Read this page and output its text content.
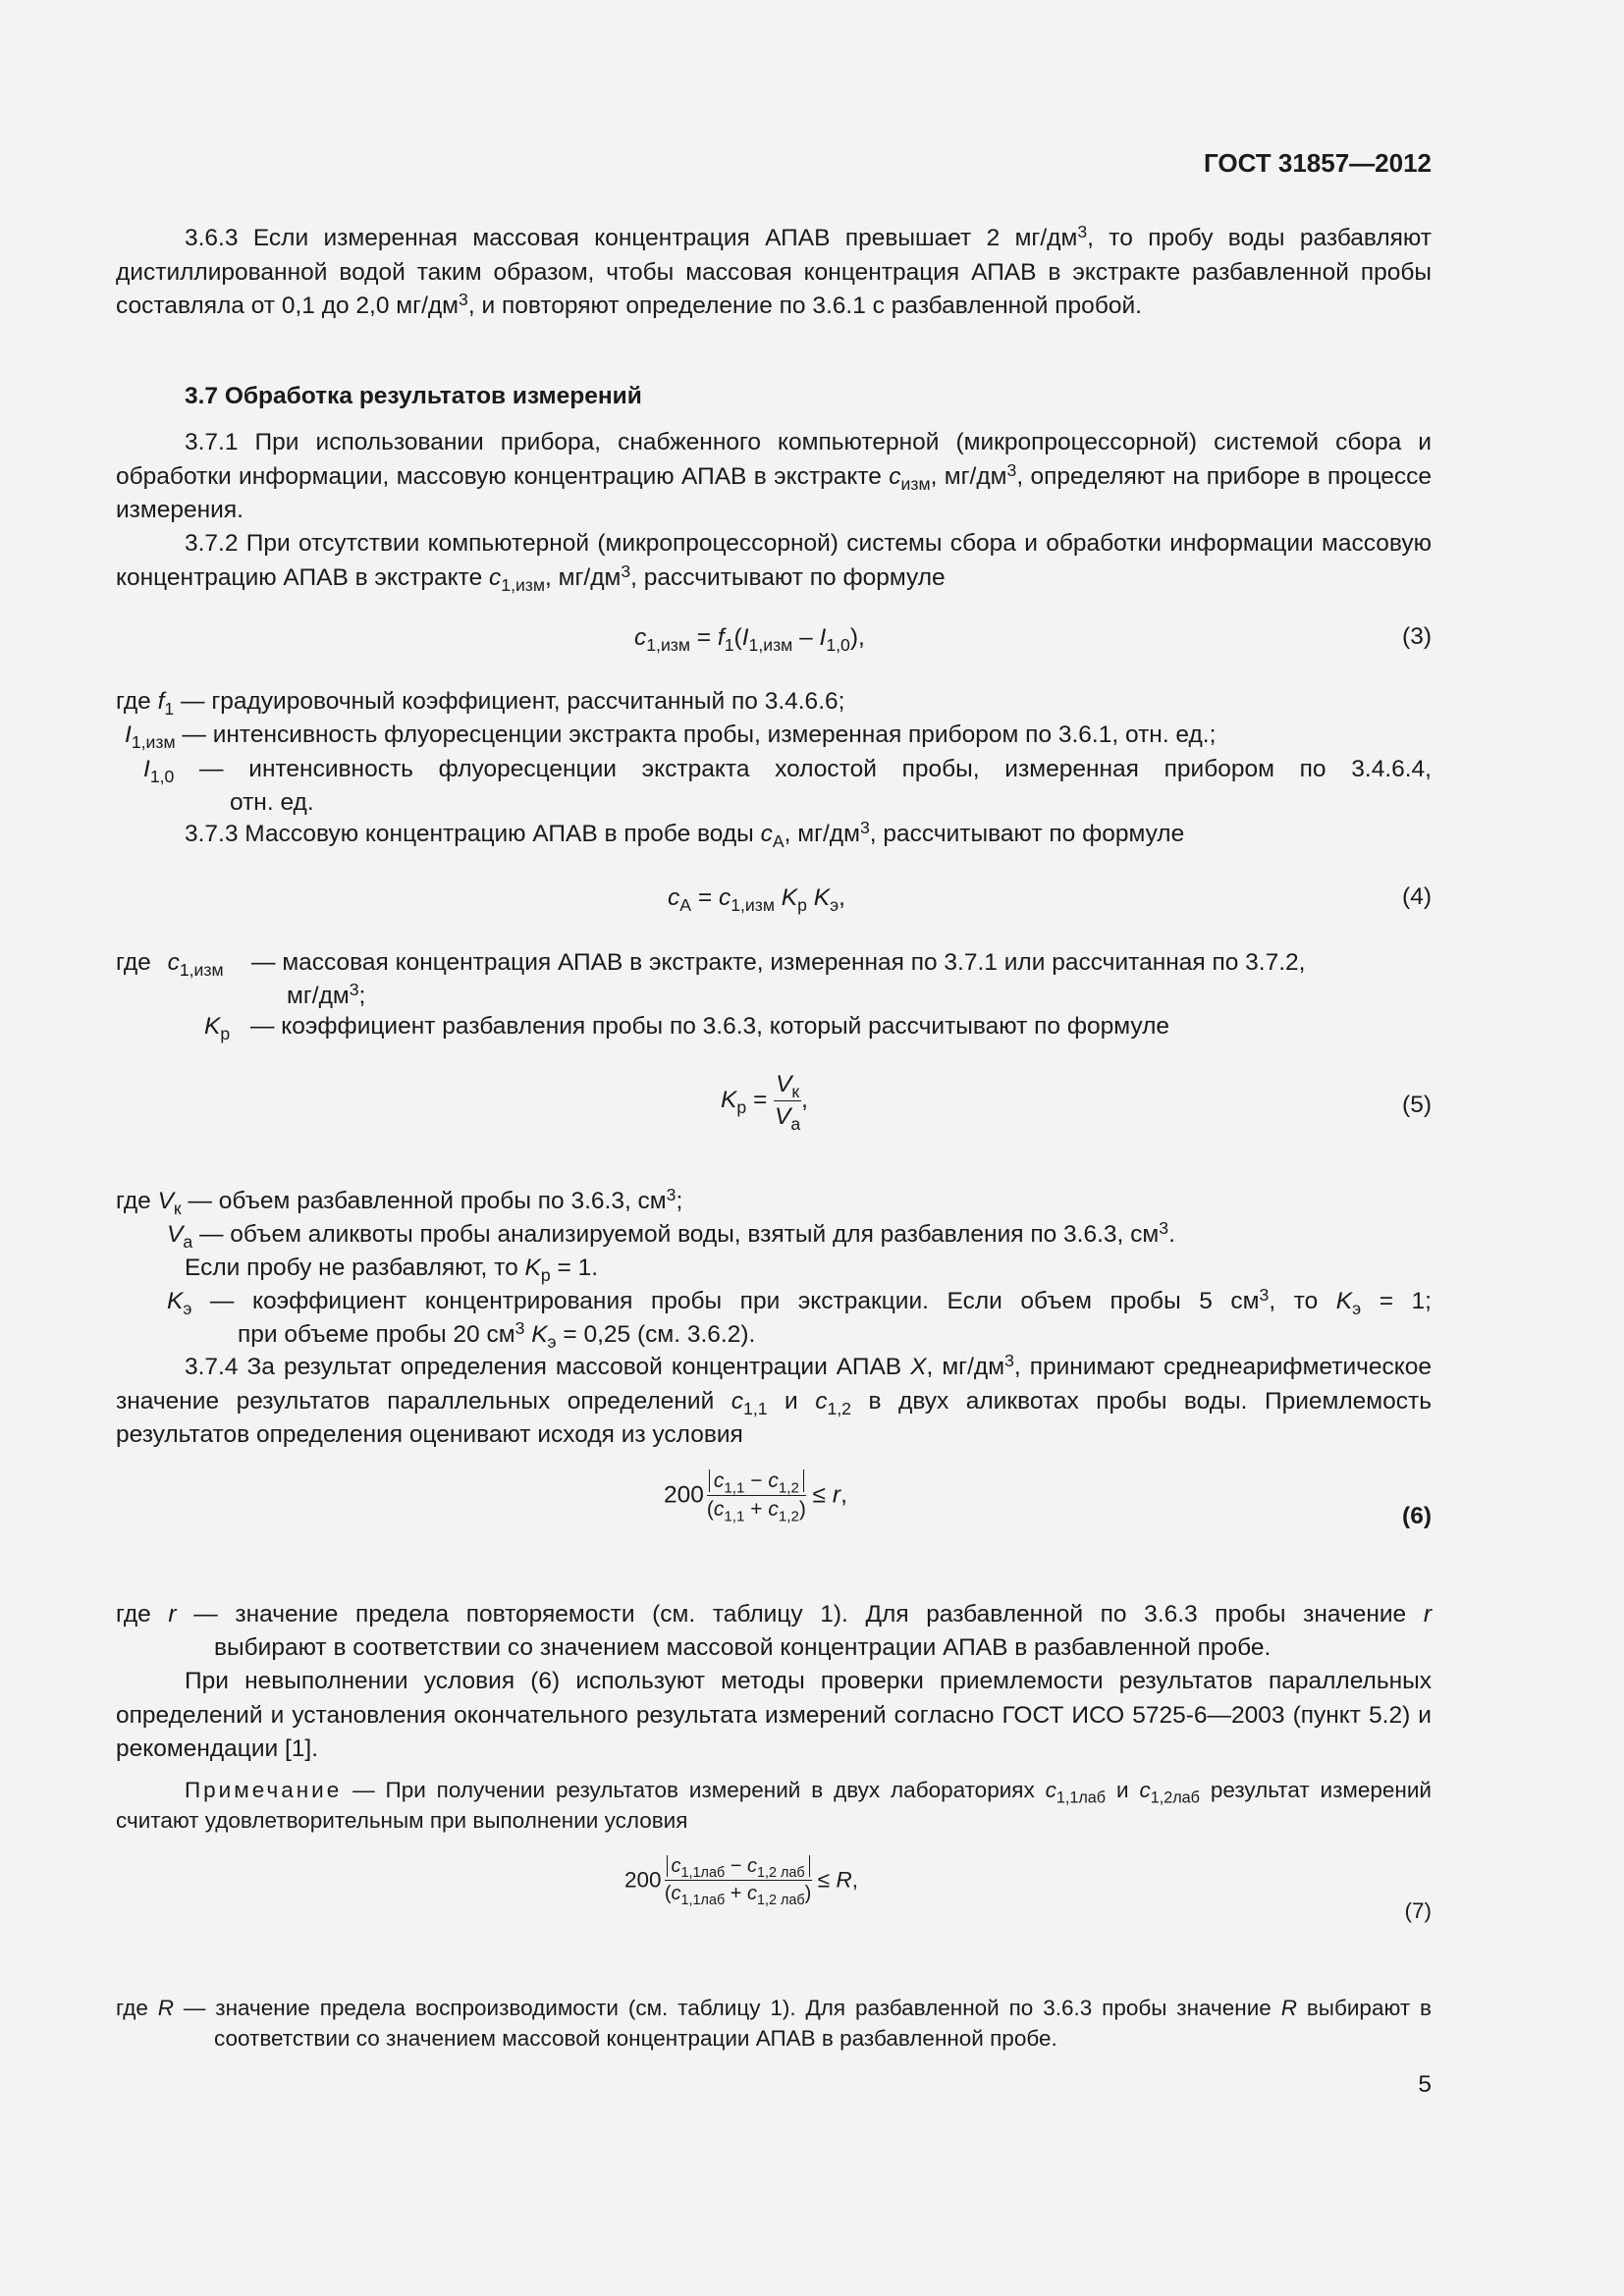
ГОСТ 31857—2012
3.6.3 Если измеренная массовая концентрация АПАВ превышает 2 $мг/дм^3$, то пробу воды разбавляют дистиллированной водой таким образом, чтобы массовая концентрация АПАВ в экстракте разбавленной пробы составляла от 0,1 до 2,0 $мг/дм^3$, и повторяют определение по 3.6.1 с разбавленной пробой.
3.7 Обработка результатов измерений
3.7.1 При использовании прибора, снабженного компьютерной (микропроцессорной) системой сбора и обработки информации, массовую концентрацию АПАВ в экстракте $c_{изм}$, $мг/дм^3$, определяют на приборе в процессе измерения.
3.7.2 При отсутствии компьютерной (микропроцессорной) системы сбора и обработки информации массовую концентрацию АПАВ в экстракте $c_{1,изм}$, $мг/дм^3$, рассчитывают по формуле
$c_{1,изм} = f_1(I_{1,изм} - I_{1,0})$,	(3)
где $f_1$ — градуировочный коэффициент, рассчитанный по 3.4.6.6;
$I_{1,изм}$ — интенсивность флуоресценции экстракта пробы, измеренная прибором по 3.6.1, отн. ед.;
$I_{1,0}$ — интенсивность флуоресценции экстракта холостой пробы, измеренная прибором по 3.4.6.4,
отн. ед.
3.7.3 Массовую концентрацию АПАВ в пробе воды $c_А$, $мг/дм^3$, рассчитывают по формуле
$c_А = c_{1,изм}$ $K_р$ $K_э$,	(4)
где $c_{1,изм}$ — массовая концентрация АПАВ в экстракте, измеренная по 3.7.1 или рассчитанная по 3.7.2,
$мг/дм^3$;
$K_р$ — коэффициент разбавления пробы по 3.6.3, который рассчитывают по формуле
$K_р = \frac{V_к}{V_а}$ ,	(5)
где $V_к$ — объем разбавленной пробы по 3.6.3, $см^3$;
$V_а$ — объем аликвоты пробы анализируемой воды, взятый для разбавления по 3.6.3, $см^3$.
Если пробу не разбавляют, то $K_р = 1$.
$K_э$ — коэффициент концентрирования пробы при экстракции. Если объем пробы 5 $см^3$, то $K_э = 1$;
при объеме пробы 20 $см^3$ $K_э = 0,25$ (см. 3.6.2).
3.7.4 За результат определения массовой концентрации АПАВ X, $мг/дм^3$, принимают среднеарифметическое значение результатов параллельных определений $c_{1,1}$ и $c_{1,2}$ в двух аликвотах пробы воды. Приемлемость результатов определения оценивают исходя из условия
$200 \frac{c_{1,1} - c_{1,2}}{(c_{1,1} + c_{1,2})} \le r$,
(6)
где r — значение предела повторяемости (см. таблицу 1). Для разбавленной по 3.6.3 пробы значение r
выбирают в соответствии со значением массовой концентрации АПАВ в разбавленной пробе.
При невыполнении условия (6) используют методы проверки приемлемости результатов параллельных определений и установления окончательного результата измерений согласно ГОСТ ИСО 5725-6—2003 (пункт 5.2) и рекомендации [1].
Примечание — При получении результатов измерений в двух лабораториях $c_{1,1лаб}$ и $c_{1,2лаб}$ результат измерений считают удовлетворительным при выполнении условия
$200 \frac{c_{1,1лаб} - c_{1,2 лаб}}{(c_{1,1лаб} + c_{1,2 лаб})} \le R$,
(7)
где R — значение предела воспроизводимости (см. таблицу 1). Для разбавленной по 3.6.3 пробы значение R выбирают в соответствии со значением массовой концентрации АПАВ в разбавленной пробе.
5
